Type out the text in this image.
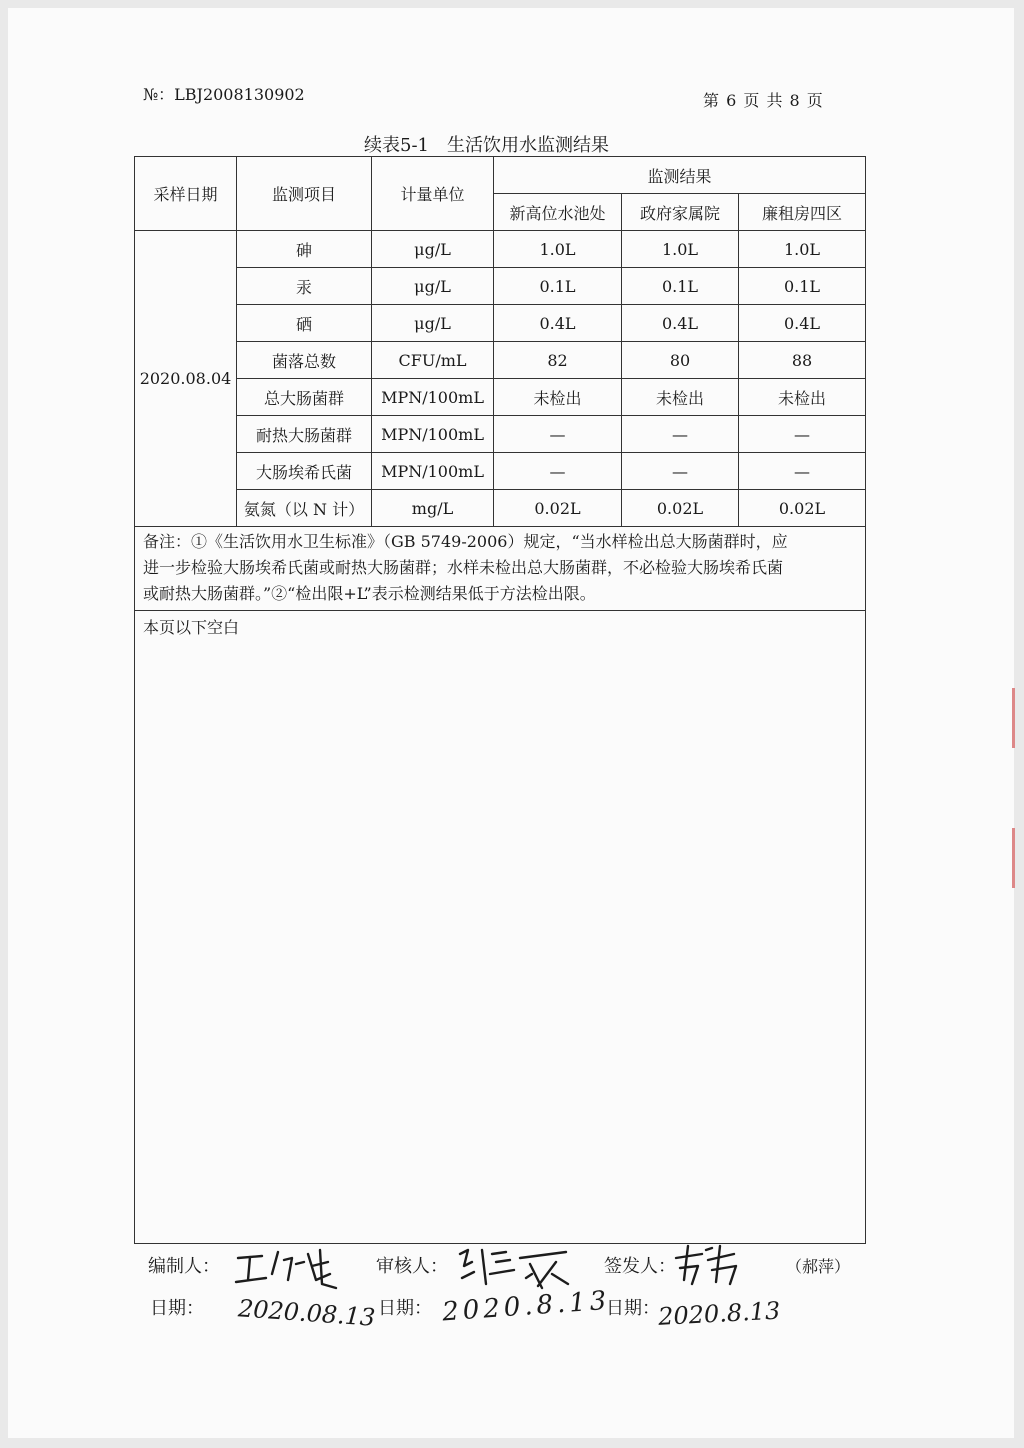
№：LBJ2008130902	第 6 页 共 8 页
续表5-1 生活饮用水监测结果
采样日期	监测项目	计量单位	监测结果		
			新高位水池处	政府家属院	廉租房四区
2020.08.04	砷	μg/L	1.0L	1.0L	1.0L
	汞	μg/L	0.1L	0.1L	0.1L
	硒	μg/L	0.4L	0.4L	0.4L
	菌落总数	CFU/mL	82	80	88
	总大肠菌群	MPN/100mL	未检出	未检出	未检出
	耐热大肠菌群	MPN/100mL	—	—	—
	大肠埃希氏菌	MPN/100mL	—	—	—
	氨氮（以 N 计）	mg/L	0.02L	0.02L	0.02L

备注：①《生活饮用水卫生标准》（GB 5749-2006）规定，“当水样检出总大肠菌群时，应
进一步检验大肠埃希氏菌或耐热大肠菌群；水样未检出总大肠菌群，不必检验大肠埃希氏菌
或耐热大肠菌群。”②“检出限+L”表示检测结果低于方法检出限。					

本页以下空白					
编制人：	审核人：	签发人：	（郝萍）
日期：	日期：	日期：
2020.08.13	2020.8.13 2020.8.13
